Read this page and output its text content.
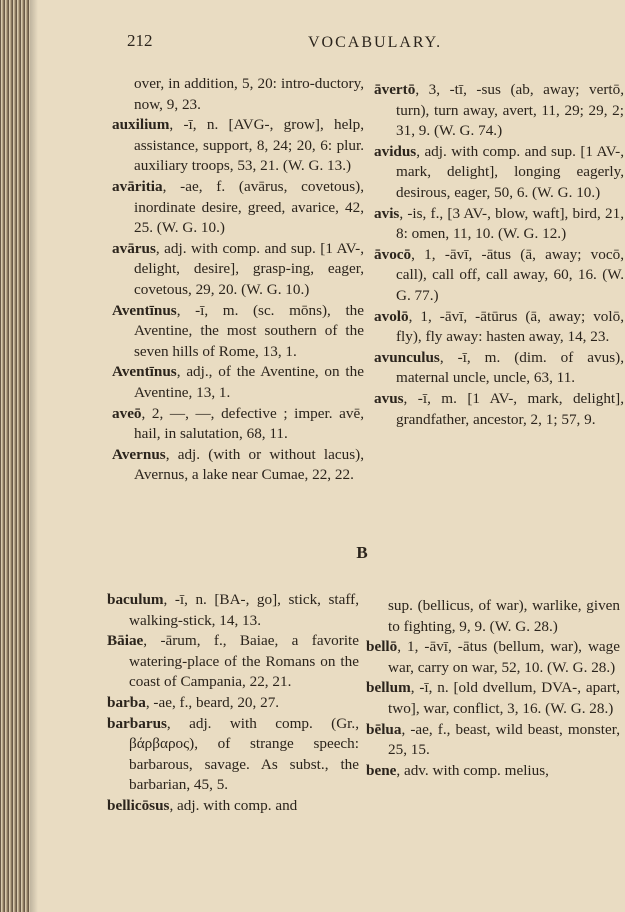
212	VOCABULARY.

over, in addition, 5, 20: intro-ductory, now, 9, 23.

auxilium, -ī, n. [AVG-, grow], help, assistance, support, 8, 24; 20, 6: plur. auxiliary troops, 53, 21. (W. G. 13.)

avāritia, -ae, f. (avārus, covetous), inordinate desire, greed, avarice, 42, 25. (W. G. 10.)

avārus, adj. with comp. and sup. [1 AV-, delight, desire], grasp-ing, eager, covetous, 29, 20. (W. G. 10.)

Aventīnus, -ī, m. (sc. mōns), the Aventine, the most southern of the seven hills of Rome, 13, 1.

Aventīnus, adj., of the Aventine, on the Aventine, 13, 1.

aveō, 2, —, —, defective ; imper. avē, hail, in salutation, 68, 11.

Avernus, adj. (with or without lacus), Avernus, a lake near Cumae, 22, 22.

āvertō, 3, -tī, -sus (ab, away; vertō, turn), turn away, avert, 11, 29; 29, 2; 31, 9. (W. G. 74.)

avidus, adj. with comp. and sup. [1 AV-, mark, delight], longing eagerly, desirous, eager, 50, 6. (W. G. 10.)

avis, -is, f., [3 AV-, blow, waft], bird, 21, 8: omen, 11, 10. (W. G. 12.)

āvocō, 1, -āvī, -ātus (ā, away; vocō, call), call off, call away, 60, 16. (W. G. 77.)

avolō, 1, -āvī, -ātūrus (ā, away; volō, fly), fly away: hasten away, 14, 23.

avunculus, -ī, m. (dim. of avus), maternal uncle, uncle, 63, 11.

avus, -ī, m. [1 AV-, mark, delight], grandfather, ancestor, 2, 1; 57, 9.

B

baculum, -ī, n. [BA-, go], stick, staff, walking-stick, 14, 13.

Bāiae, -ārum, f., Baiae, a favorite watering-place of the Romans on the coast of Campania, 22, 21.

barba, -ae, f., beard, 20, 27.

barbarus, adj. with comp. (Gr., βάρβαρος), of strange speech: barbarous, savage. As subst., the barbarian, 45, 5.

bellicōsus, adj. with comp. and

sup. (bellicus, of war), warlike, given to fighting, 9, 9. (W. G. 28.)

bellō, 1, -āvī, -ātus (bellum, war), wage war, carry on war, 52, 10. (W. G. 28.)

bellum, -ī, n. [old dvellum, DVA-, apart, two], war, conflict, 3, 16. (W. G. 28.)

bēlua, -ae, f., beast, wild beast, monster, 25, 15.

bene, adv. with comp. melius,
